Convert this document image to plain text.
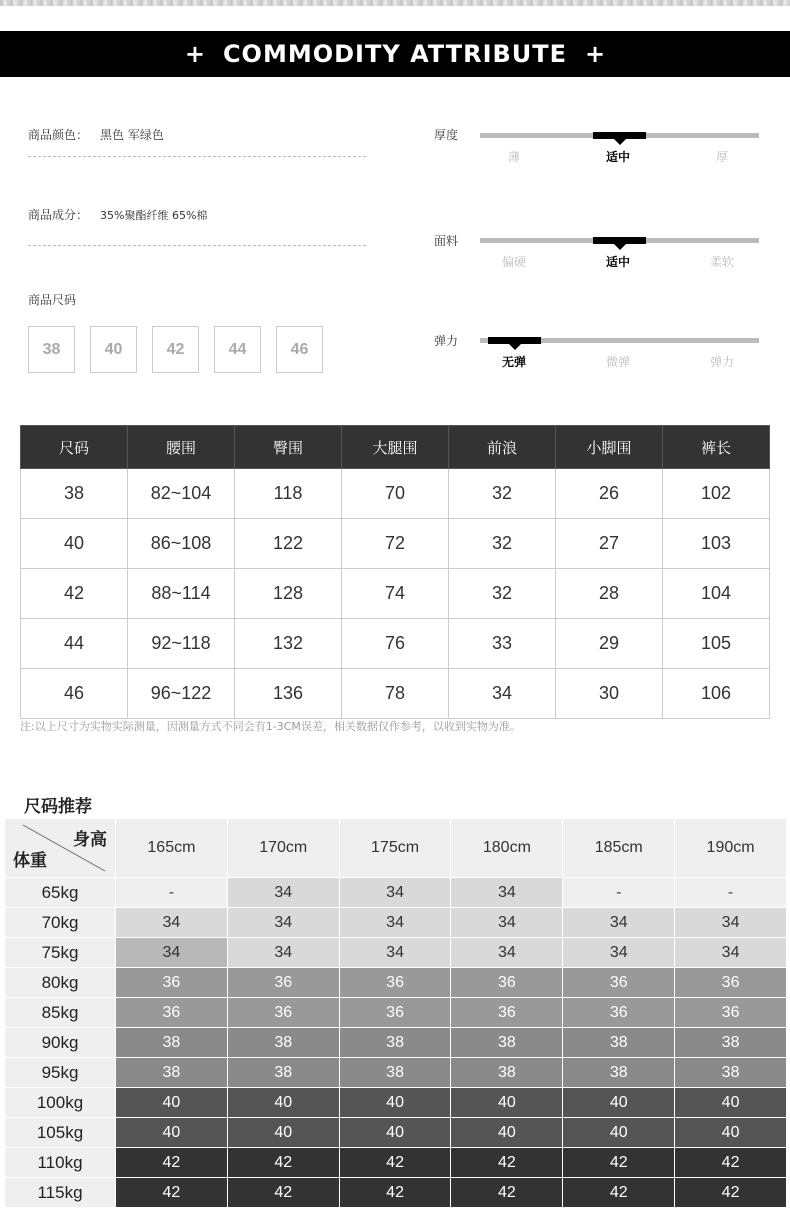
+ COMMODITY ATTRIBUTE +
商品颜色： 黑色 军绿色
商品成分： 35%聚酯纤维 65%棉
商品尺码
38	40	42	44	46
厚度
薄	适中	厚
面料
偏硬	适中	柔软
弹力
无弹	微弹	弹力
尺码	腰围	臀围	大腿围	前浪	小脚围	裤长
38	82~104	118	70	32	26	102
40	86~108	122	72	32	27	103
42	88~114	128	74	32	28	104
44	92~118	132	76	33	29	105
46	96~122	136	78	34	30	106
注:以上尺寸为实物实际测量，因测量方式不同会有1-3CM误差，相关数据仅作参考，以收到实物为准。
尺码推荐
身高
体重	165cm	170cm	175cm	180cm	185cm	190cm
65kg	-	34	34	34	-	-
70kg	34	34	34	34	34	34
75kg	34	34	34	34	34	34
80kg	36	36	36	36	36	36
85kg	36	36	36	36	36	36
90kg	38	38	38	38	38	38
95kg	38	38	38	38	38	38
100kg	40	40	40	40	40	40
105kg	40	40	40	40	40	40
110kg	42	42	42	42	42	42
115kg	42	42	42	42	42	42
